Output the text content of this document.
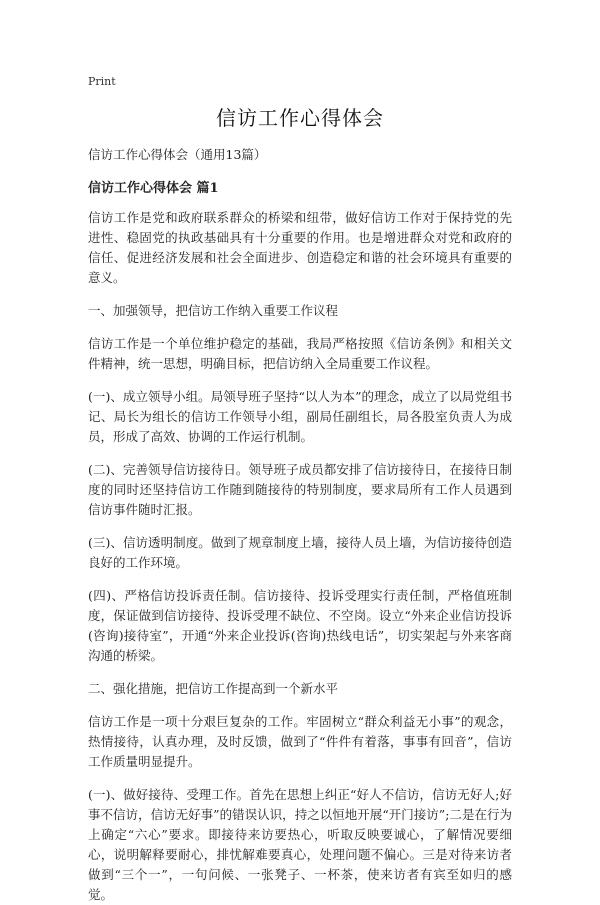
Print
信访工作心得体会

信访工作心得体会（通用13篇）

信访工作心得体会 篇1

信访工作是党和政府联系群众的桥梁和纽带，做好信访工作对于保持党的先进性、稳固党的执政基础具有十分重要的作用。也是增进群众对党和政府的信任、促进经济发展和社会全面进步、创造稳定和谐的社会环境具有重要的意义。

一、加强领导，把信访工作纳入重要工作议程

信访工作是一个单位维护稳定的基础，我局严格按照《信访条例》和相关文件精神，统一思想，明确目标，把信访纳入全局重要工作议程。

(一)、成立领导小组。局领导班子坚持“以人为本”的理念，成立了以局党组书记、局长为组长的信访工作领导小组，副局任副组长，局各股室负责人为成员，形成了高效、协调的工作运行机制。

(二)、完善领导信访接待日。领导班子成员都安排了信访接待日，在接待日制度的同时还坚持信访工作随到随接待的特别制度，要求局所有工作人员遇到信访事件随时汇报。

(三)、信访透明制度。做到了规章制度上墙，接待人员上墙，为信访接待创造良好的工作环境。

(四)、严格信访投诉责任制。信访接待、投诉受理实行责任制，严格值班制度，保证做到信访接待、投诉受理不缺位、不空岗。设立“外来企业信访投诉(咨询)接待室”，开通“外来企业投诉(咨询)热线电话”，切实架起与外来客商沟通的桥梁。

二、强化措施，把信访工作提高到一个新水平

信访工作是一项十分艰巨复杂的工作。牢固树立“群众利益无小事”的观念，热情接待，认真办理，及时反馈，做到了“件件有着落，事事有回音”，信访工作质量明显提升。

(一)、做好接待、受理工作。首先在思想上纠正“好人不信访，信访无好人;好事不信访，信访无好事”的错误认识，持之以恒地开展“开门接访”;二是在行为上确定“六心”要求。即接待来访要热心，听取反映要诚心，了解情况要细心，说明解释要耐心，排忧解难要真心，处理问题不偏心。三是对待来访者做到“三个一”，一句问候、一张凳子、一杯茶，使来访者有宾至如归的感觉。
